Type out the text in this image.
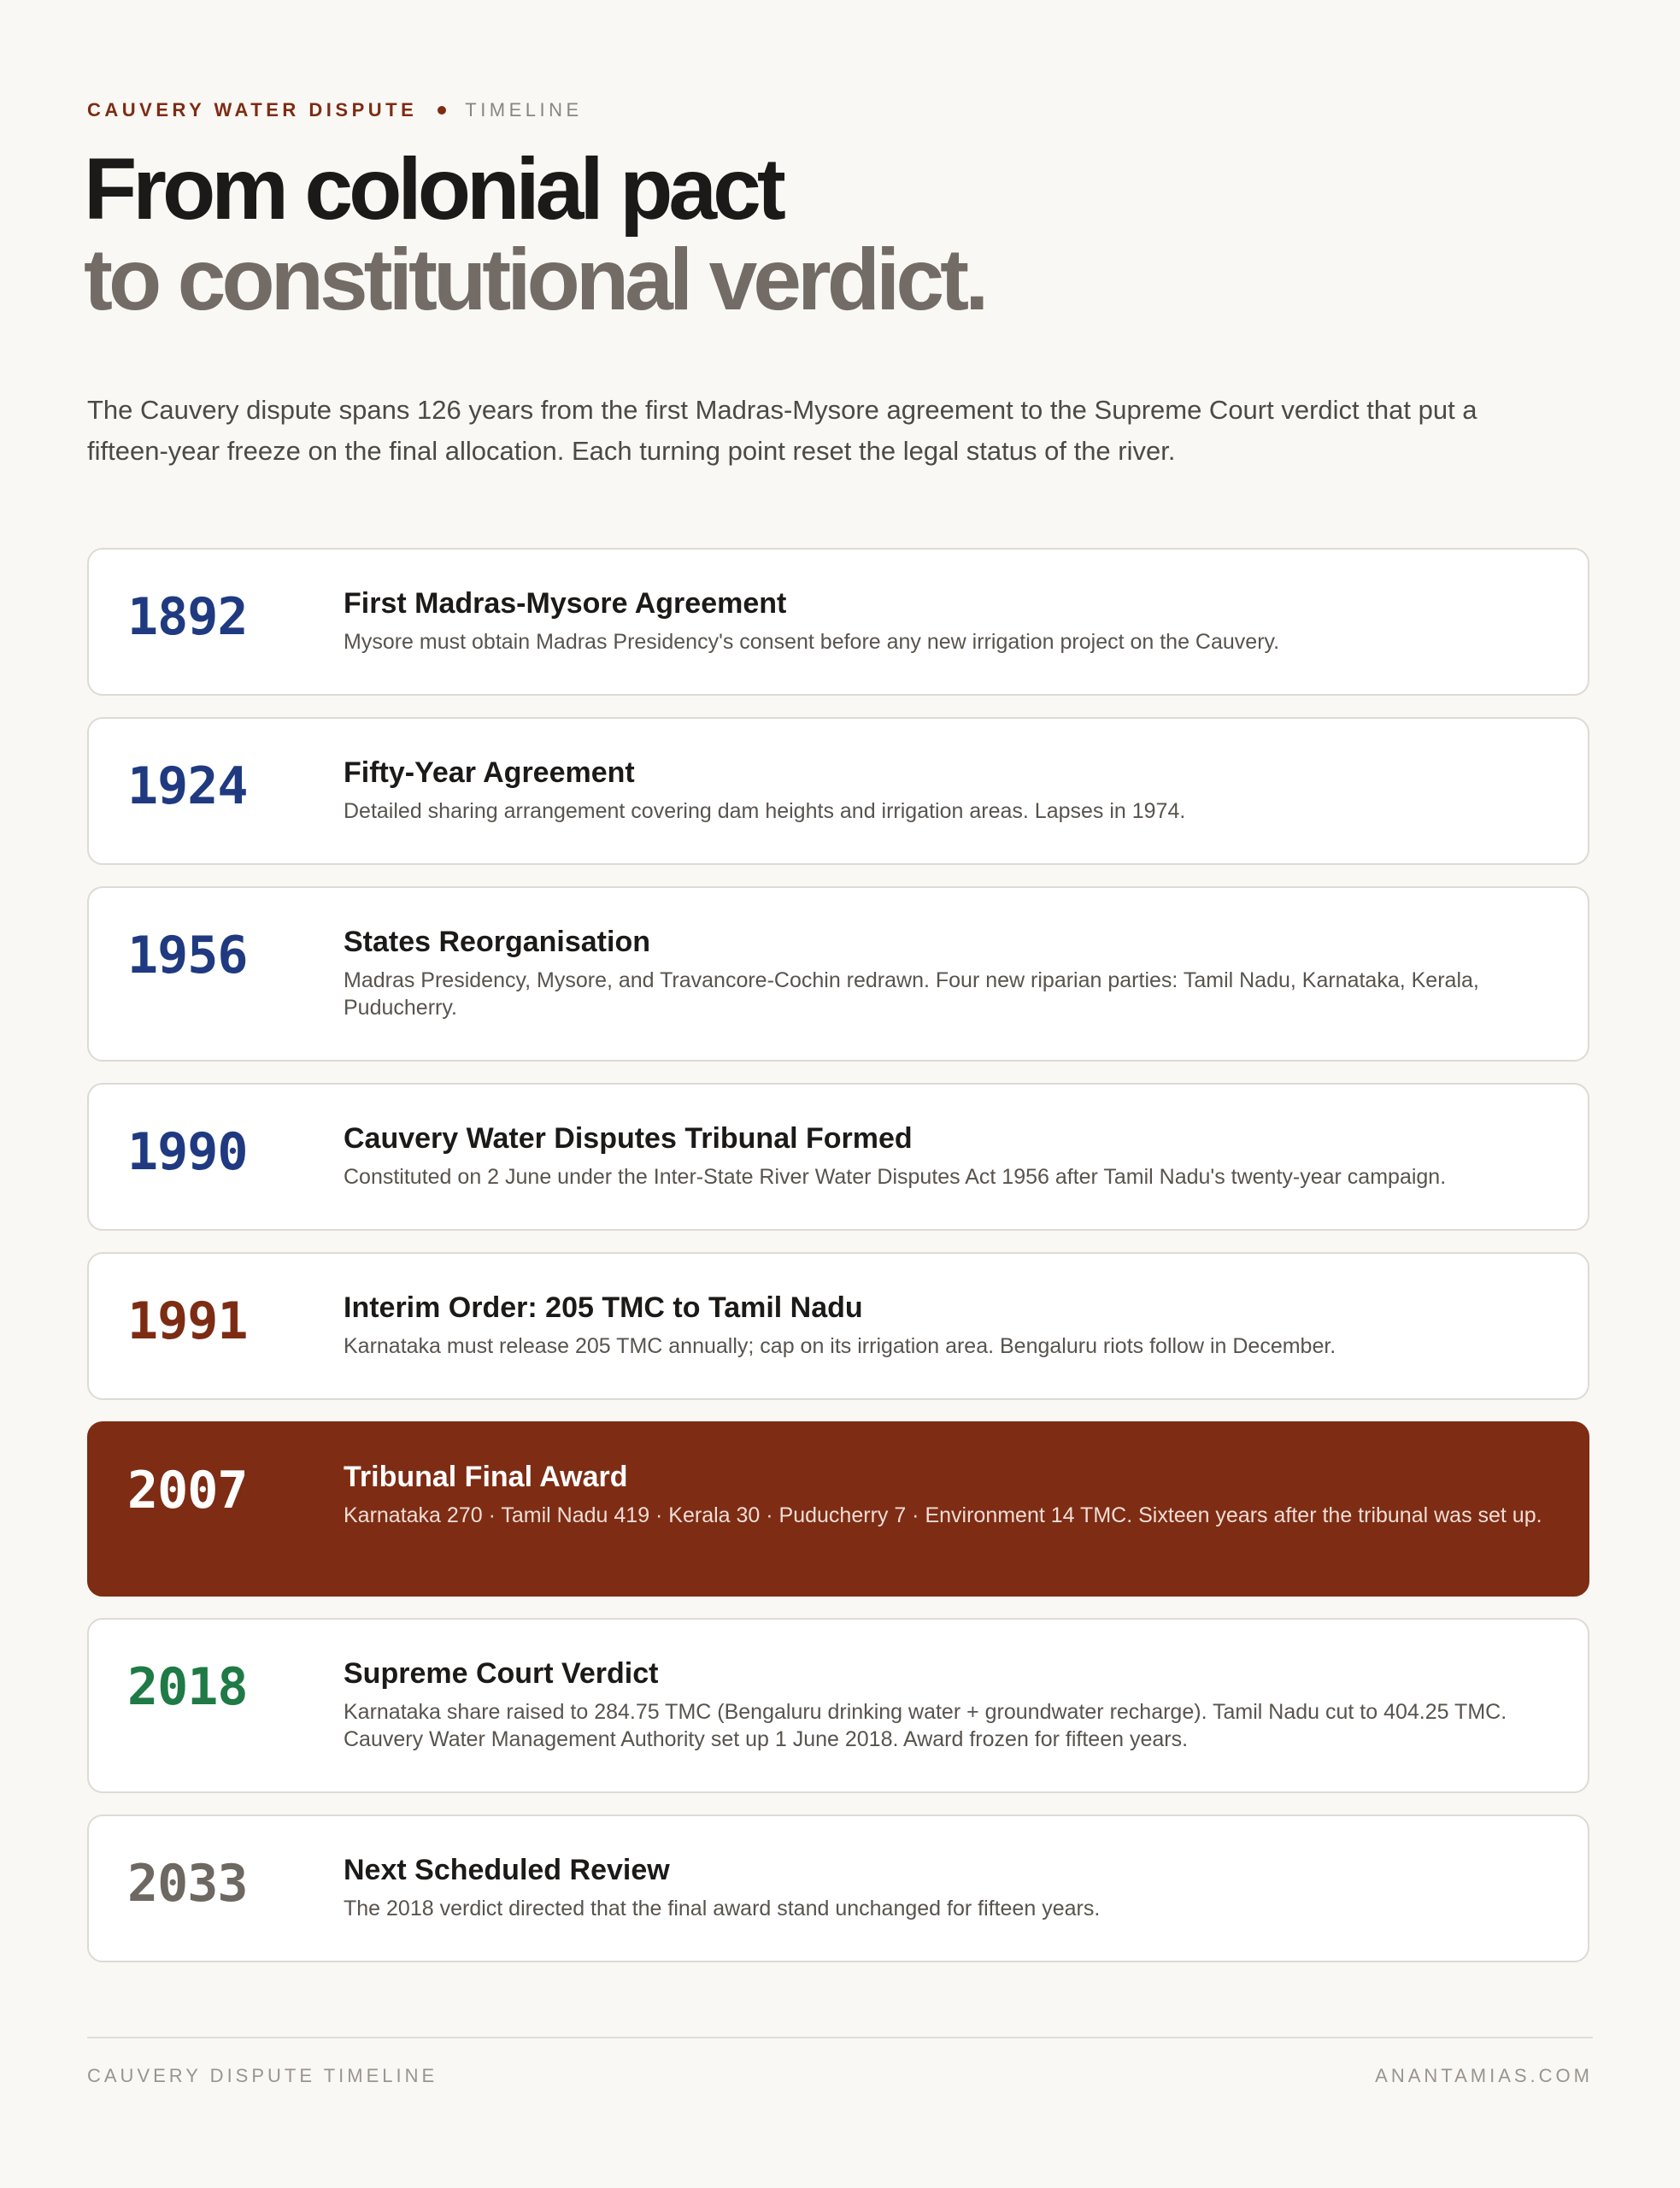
CAUVERY WATER DISPUTE	TIMELINE
From colonial pact
to constitutional verdict.

The Cauvery dispute spans 126 years from the first Madras-Mysore agreement to the Supreme Court verdict that put a fifteen-year freeze on the final allocation. Each turning point reset the legal status of the river.

1892	First Madras-Mysore Agreement
Mysore must obtain Madras Presidency's consent before any new irrigation project on the Cauvery.
1924	Fifty-Year Agreement
Detailed sharing arrangement covering dam heights and irrigation areas. Lapses in 1974.
1956	States Reorganisation
Madras Presidency, Mysore, and Travancore-Cochin redrawn. Four new riparian parties: Tamil Nadu, Karnataka, Kerala, Puducherry.
1990	Cauvery Water Disputes Tribunal Formed
Constituted on 2 June under the Inter-State River Water Disputes Act 1956 after Tamil Nadu's twenty-year campaign.
1991	Interim Order: 205 TMC to Tamil Nadu
Karnataka must release 205 TMC annually; cap on its irrigation area. Bengaluru riots follow in December.
2007	Tribunal Final Award
Karnataka 270 · Tamil Nadu 419 · Kerala 30 · Puducherry 7 · Environment 14 TMC. Sixteen years after the tribunal was set up.
2018	Supreme Court Verdict
Karnataka share raised to 284.75 TMC (Bengaluru drinking water + groundwater recharge). Tamil Nadu cut to 404.25 TMC. Cauvery Water Management Authority set up 1 June 2018. Award frozen for fifteen years.
2033	Next Scheduled Review
The 2018 verdict directed that the final award stand unchanged for fifteen years.
CAUVERY DISPUTE TIMELINE	ANANTAMIAS.COM
